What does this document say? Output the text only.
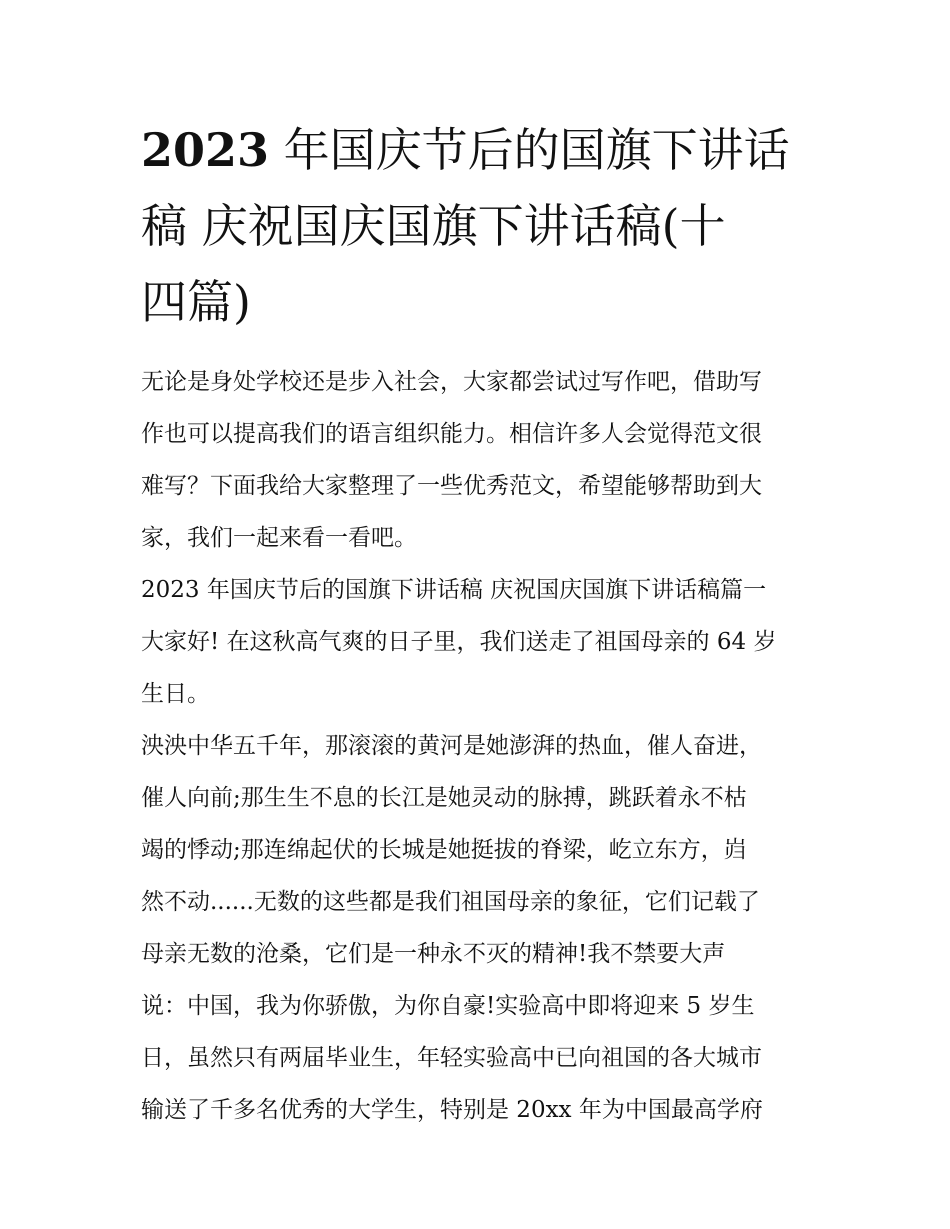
2023 年国庆节后的国旗下讲话
稿 庆祝国庆国旗下讲话稿(十
四篇)

无论是身处学校还是步入社会，大家都尝试过写作吧，借助写
作也可以提高我们的语言组织能力。相信许多人会觉得范文很
难写？下面我给大家整理了一些优秀范文，希望能够帮助到大
家，我们一起来看一看吧。

2023 年国庆节后的国旗下讲话稿 庆祝国庆国旗下讲话稿篇一

大家好! 在这秋高气爽的日子里，我们送走了祖国母亲的 64 岁
生日。

泱泱中华五千年，那滚滚的黄河是她澎湃的热血，催人奋进，
催人向前;那生生不息的长江是她灵动的脉搏，跳跃着永不枯
竭的悸动;那连绵起伏的长城是她挺拔的脊梁，屹立东方，岿
然不动......无数的这些都是我们祖国母亲的象征，它们记载了
母亲无数的沧桑，它们是一种永不灭的精神!我不禁要大声
说：中国，我为你骄傲，为你自豪!实验高中即将迎来 5 岁生
日，虽然只有两届毕业生，年轻实验高中已向祖国的各大城市
输送了千多名优秀的大学生，特别是 20xx 年为中国最高学府
